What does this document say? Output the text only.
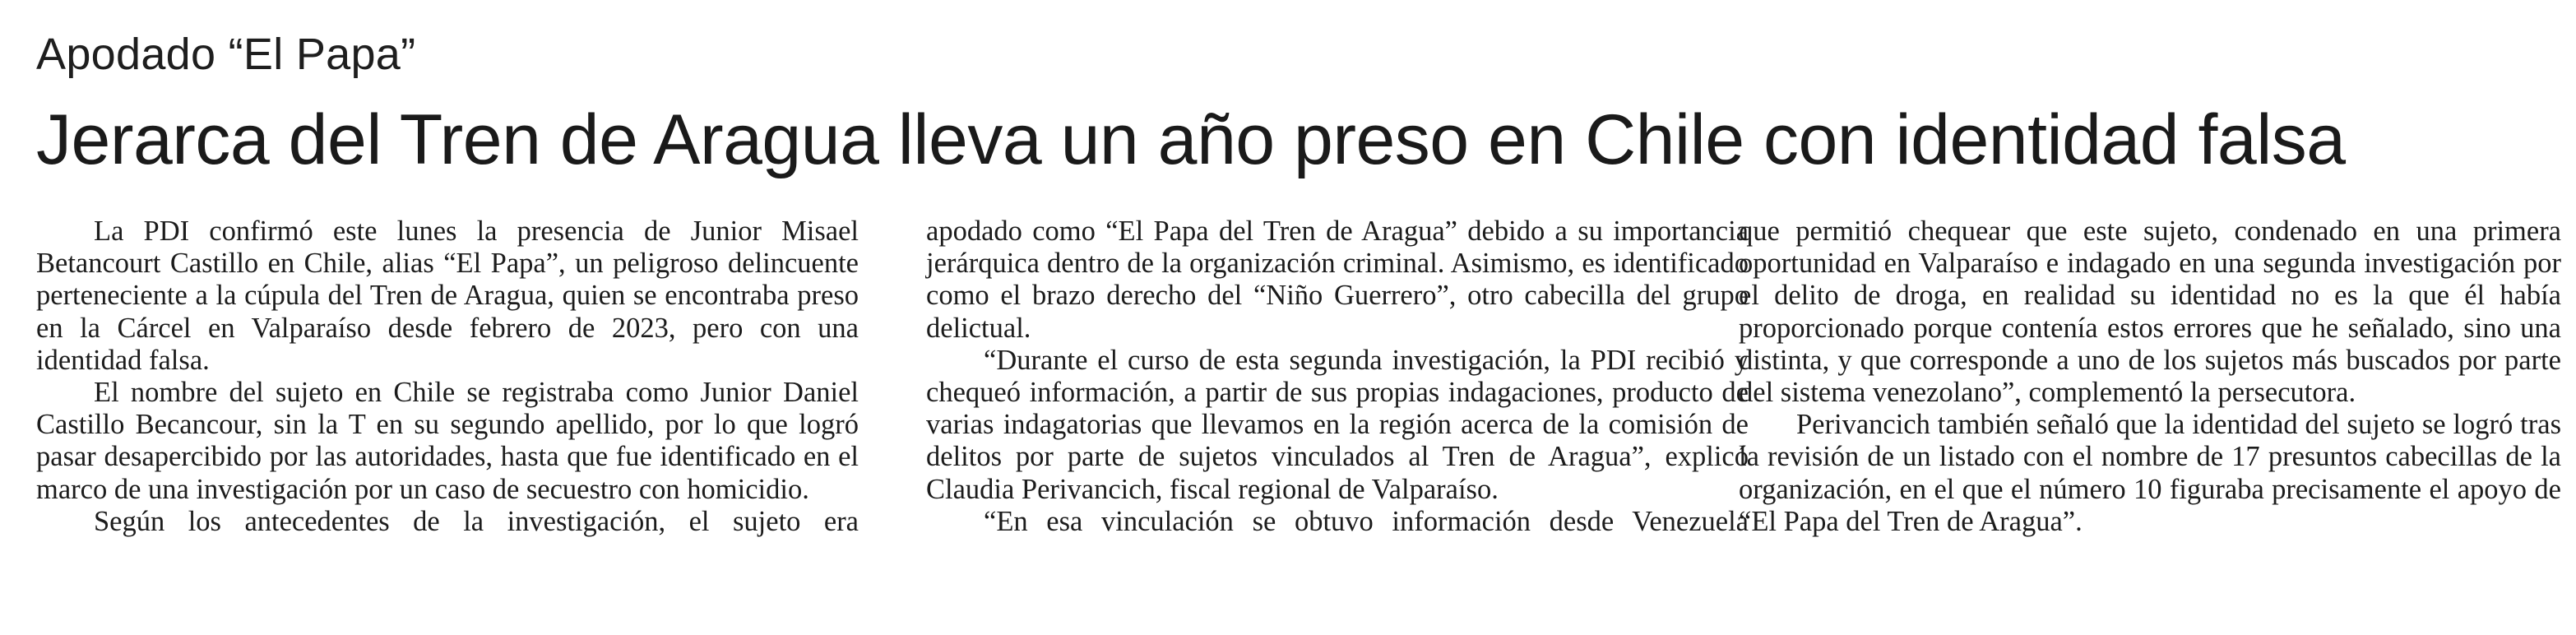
Apodado “El Papa”
Jerarca del Tren de Aragua lleva un año preso en Chile con identidad falsa

La PDI confirmó este lunes la presencia de Junior Misael Betancourt Castillo en Chile, alias “El Papa”, un peligroso delincuente perteneciente a la cúpula del Tren de Aragua, quien se encontraba preso en la Cárcel en Valparaíso desde febrero de 2023, pero con una identidad falsa.

El nombre del sujeto en Chile se registraba como Junior Daniel Castillo Becancour, sin la T en su segundo apellido, por lo que logró pasar desapercibido por las autoridades, hasta que fue identificado en el marco de una investigación por un caso de secuestro con homicidio.

Según los antecedentes de la investigación, el sujeto era

apodado como “El Papa del Tren de Aragua” debido a su importancia jerárquica dentro de la organización criminal. Asimismo, es identificado como el brazo derecho del “Niño Guerrero”, otro cabecilla del grupo delictual.

“Durante el curso de esta segunda investigación, la PDI recibió y chequeó información, a partir de sus propias indagaciones, producto de varias indagatorias que llevamos en la región acerca de la comisión de delitos por parte de sujetos vinculados al Tren de Aragua”, explicó Claudia Perivancich, fiscal regional de Valparaíso.

“En esa vinculación se obtuvo información desde Venezuela

que permitió chequear que este sujeto, condenado en una primera oportunidad en Valparaíso e indagado en una segunda investigación por el delito de droga, en realidad su identidad no es la que él había proporcionado porque contenía estos errores que he señalado, sino una distinta, y que corresponde a uno de los sujetos más buscados por parte del sistema venezolano”, complementó la persecutora.

Perivancich también señaló que la identidad del sujeto se logró tras la revisión de un listado con el nombre de 17 presuntos cabecillas de la organización, en el que el número 10 figuraba precisamente el apoyo de “El Papa del Tren de Aragua”.
